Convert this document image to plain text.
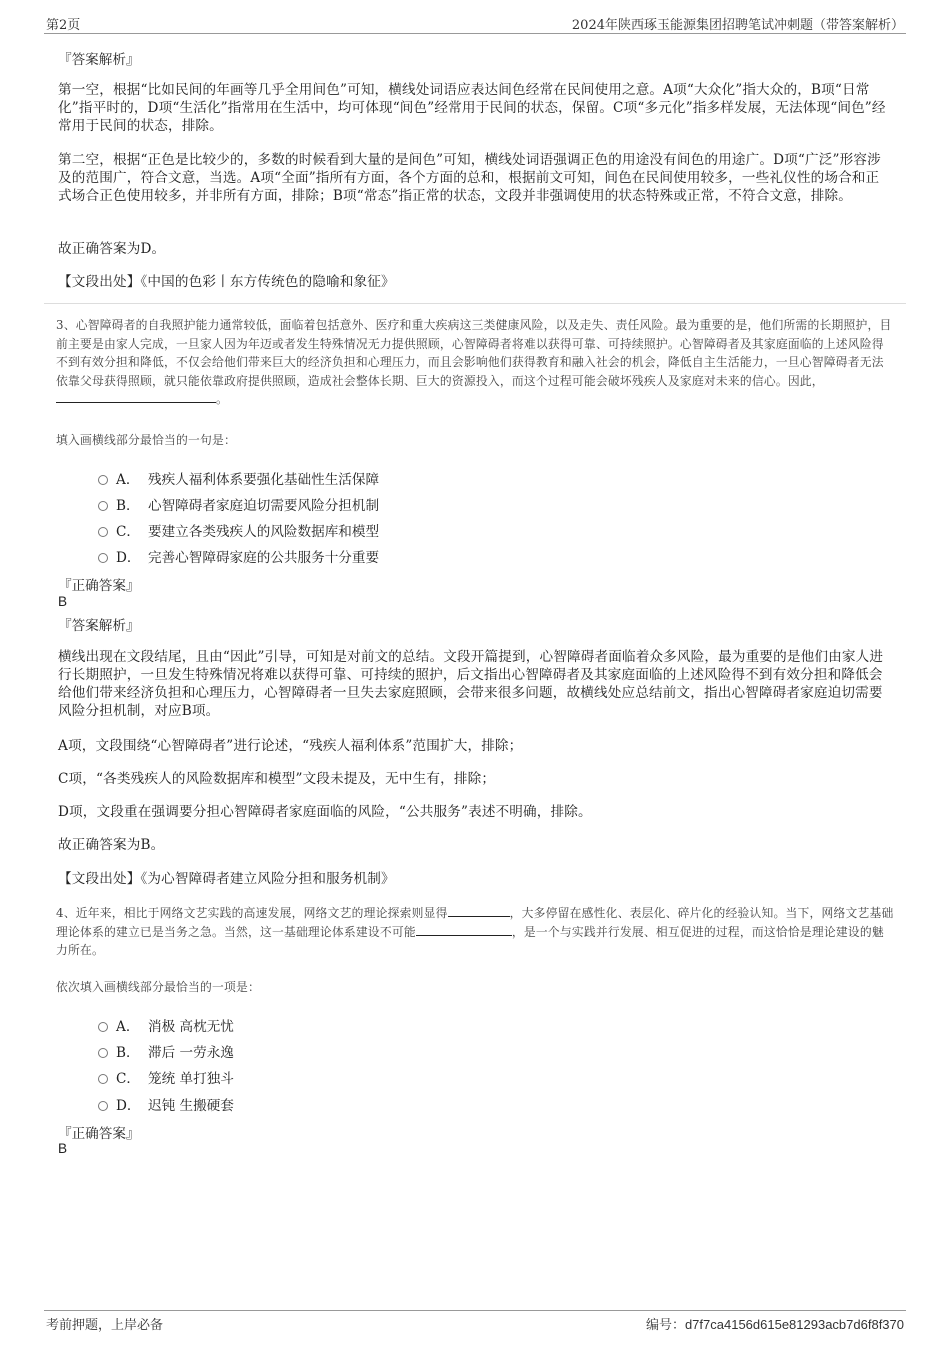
第2页	2024年陕西琢玉能源集团招聘笔试冲刺题（带答案解析）
『答案解析』
第一空，根据“比如民间的年画等几乎全用间色”可知，横线处词语应表达间色经常在民间使用之意。A项“大众化”指大众的，B项“日常化”指平时的，D项“生活化”指常用在生活中，均可体现“间色”经常用于民间的状态，保留。C项“多元化”指多样发展，无法体现“间色”经常用于民间的状态，排除。
第二空，根据“正色是比较少的，多数的时候看到大量的是间色”可知，横线处词语强调正色的用途没有间色的用途广。D项“广泛”形容涉及的范围广，符合文意，当选。A项“全面”指所有方面，各个方面的总和，根据前文可知，间色在民间使用较多，一些礼仪性的场合和正式场合正色使用较多，并非所有方面，排除；B项“常态”指正常的状态，文段并非强调使用的状态特殊或正常，不符合文意，排除。
故正确答案为D。
【文段出处】《中国的色彩丨东方传统色的隐喻和象征》
3、心智障碍者的自我照护能力通常较低，面临着包括意外、医疗和重大疾病这三类健康风险，以及走失、责任风险。最为重要的是，他们所需的长期照护，目前主要是由家人完成，一旦家人因为年迈或者发生特殊情况无力提供照顾，心智障碍者将难以获得可靠、可持续照护。心智障碍者及其家庭面临的上述风险得不到有效分担和降低，不仅会给他们带来巨大的经济负担和心理压力，而且会影响他们获得教育和融入社会的机会，降低自主生活能力，一旦心智障碍者无法依靠父母获得照顾，就只能依靠政府提供照顾，造成社会整体长期、巨大的资源投入，而这个过程可能会破坏残疾人及家庭对未来的信心。因此，。
填入画横线部分最恰当的一句是：
A． 残疾人福利体系要强化基础性生活保障
B． 心智障碍者家庭迫切需要风险分担机制
C． 要建立各类残疾人的风险数据库和模型
D． 完善心智障碍家庭的公共服务十分重要
『正确答案』
B
『答案解析』
横线出现在文段结尾，且由“因此”引导，可知是对前文的总结。文段开篇提到，心智障碍者面临着众多风险，最为重要的是他们由家人进行长期照护，一旦发生特殊情况将难以获得可靠、可持续的照护，后文指出心智障碍者及其家庭面临的上述风险得不到有效分担和降低会给他们带来经济负担和心理压力，心智障碍者一旦失去家庭照顾，会带来很多问题，故横线处应总结前文，指出心智障碍者家庭迫切需要风险分担机制，对应B项。
A项，文段围绕“心智障碍者”进行论述，“残疾人福利体系”范围扩大，排除；
C项，“各类残疾人的风险数据库和模型”文段未提及，无中生有，排除；
D项，文段重在强调要分担心智障碍者家庭面临的风险，“公共服务”表述不明确，排除。
故正确答案为B。
【文段出处】《为心智障碍者建立风险分担和服务机制》
4、近年来，相比于网络文艺实践的高速发展，网络文艺的理论探索则显得	，大多停留在感性化、表层化、碎片化的经验认知。当下，网络文艺基础理论体系的建立已是当务之急。当然，这一基础理论体系建设不可能	，是一个与实践并行发展、相互促进的过程，而这恰恰是理论建设的魅力所在。
依次填入画横线部分最恰当的一项是：
A． 消极 高枕无忧
B． 滞后 一劳永逸
C． 笼统 单打独斗
D． 迟钝 生搬硬套
『正确答案』
B
考前押题，上岸必备	编号：d7f7ca4156d615e81293acb7d6f8f370
